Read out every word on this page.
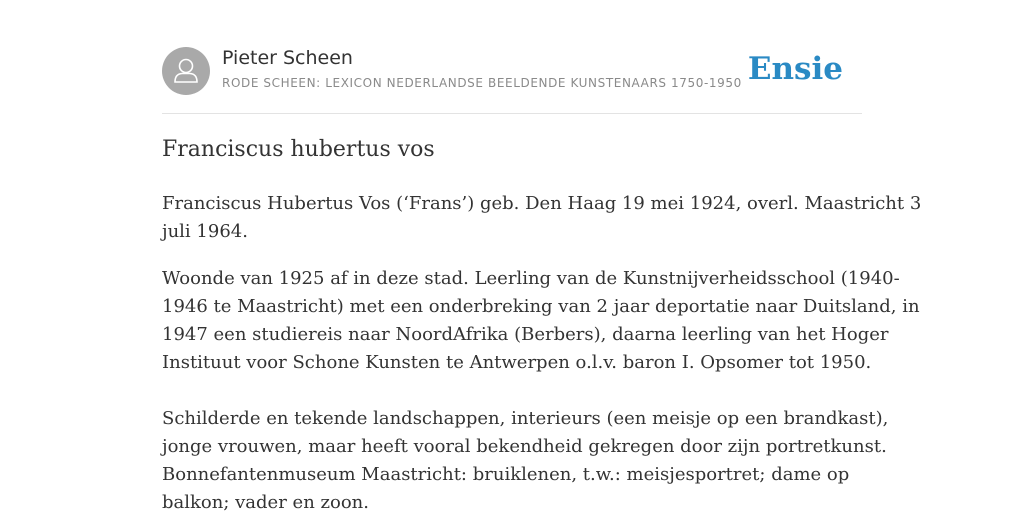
Pieter Scheen
RODE SCHEEN: LEXICON NEDERLANDSE BEELDENDE KUNSTENAARS 1750-1950 Ensie
Franciscus hubertus vos

Franciscus Hubertus Vos (‘Frans’) geb. Den Haag 19 mei 1924, overl. Maastricht 3
juli 1964.

Woonde van 1925 af in deze stad. Leerling van de Kunstnijverheidsschool (1940-
1946 te Maastricht) met een onderbreking van 2 jaar deportatie naar Duitsland, in
1947 een studiereis naar NoordAfrika (Berbers), daarna leerling van het Hoger
Instituut voor Schone Kunsten te Antwerpen o.l.v. baron I. Opsomer tot 1950.

Schilderde en tekende landschappen, interieurs (een meisje op een brandkast),
jonge vrouwen, maar heeft vooral bekendheid gekregen door zijn portretkunst.
Bonnefantenmuseum Maastricht: bruiklenen, t.w.: meisjesportret; dame op
balkon; vader en zoon.
